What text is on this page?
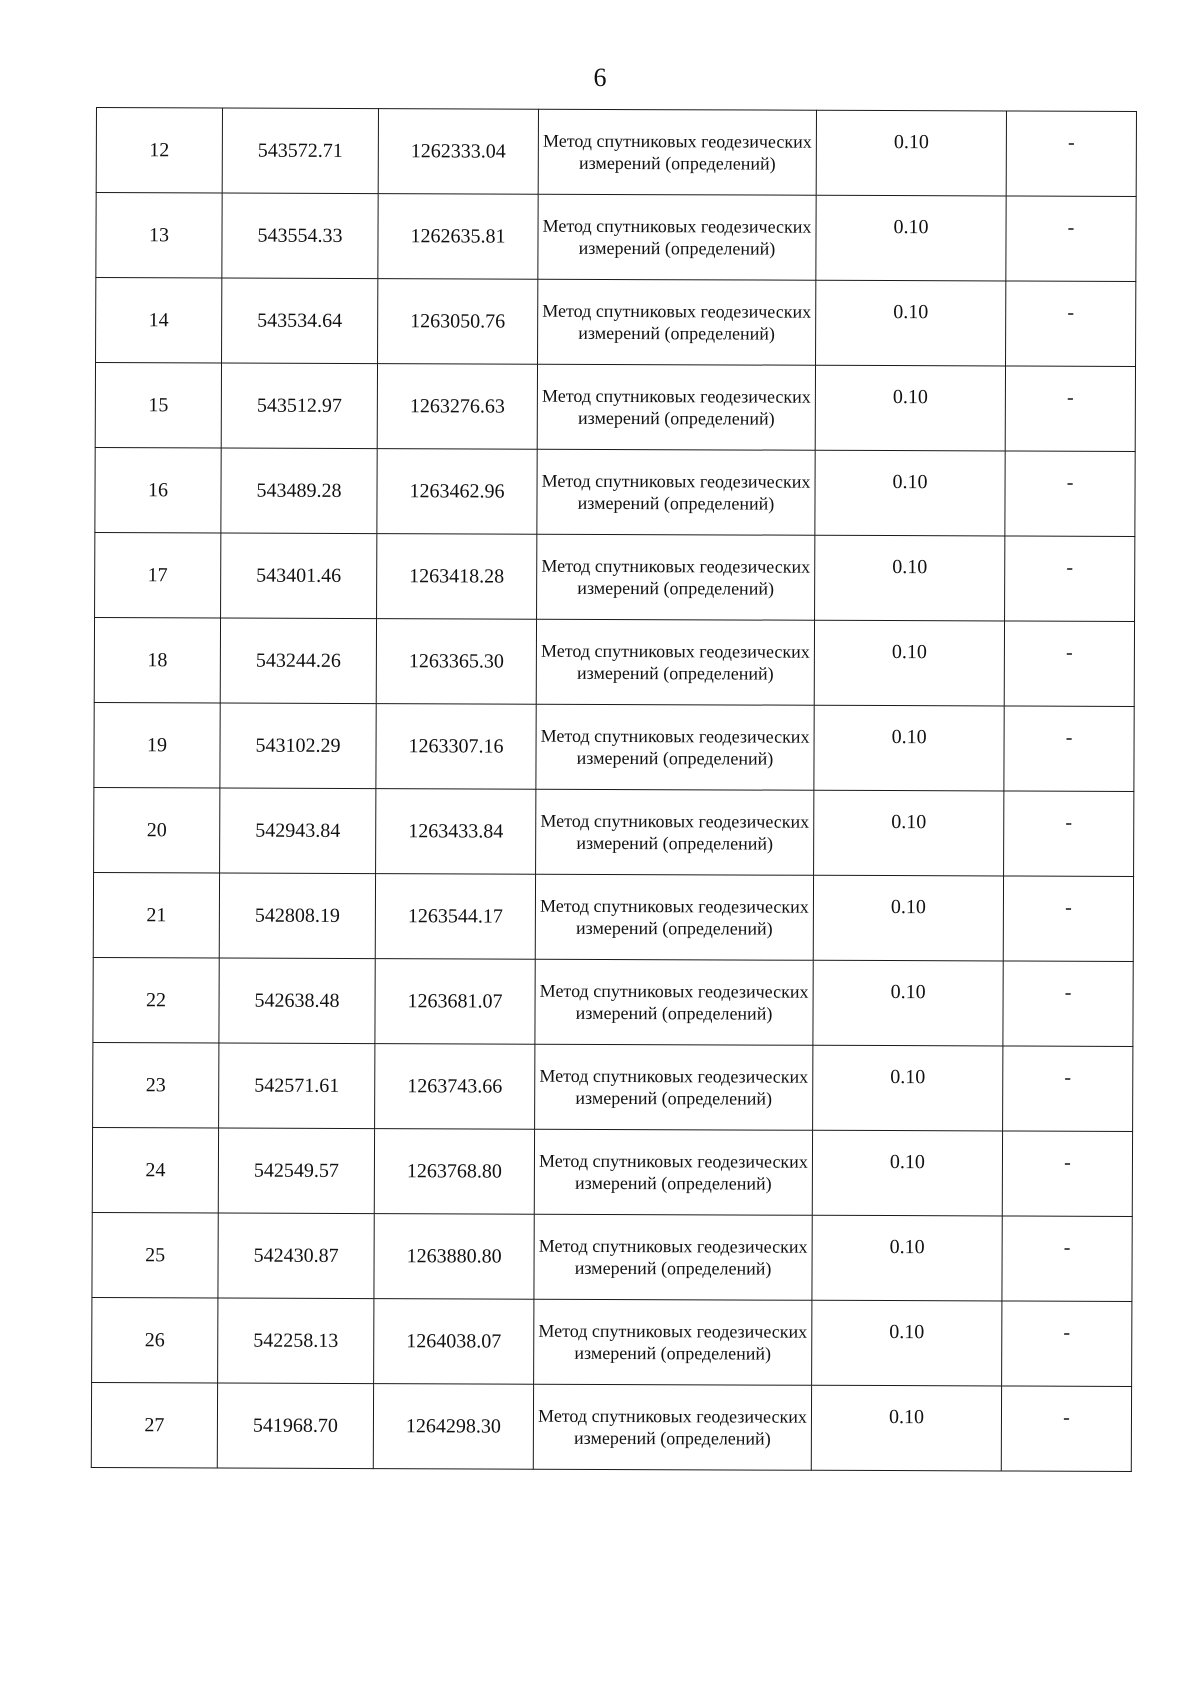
6
12	543572.71	1262333.04	Метод спутниковых геодезических измерений (определений)	0.10	-
13	543554.33	1262635.81	Метод спутниковых геодезических измерений (определений)	0.10	-
14	543534.64	1263050.76	Метод спутниковых геодезических измерений (определений)	0.10	-
15	543512.97	1263276.63	Метод спутниковых геодезических измерений (определений)	0.10	-
16	543489.28	1263462.96	Метод спутниковых геодезических измерений (определений)	0.10	-
17	543401.46	1263418.28	Метод спутниковых геодезических измерений (определений)	0.10	-
18	543244.26	1263365.30	Метод спутниковых геодезических измерений (определений)	0.10	-
19	543102.29	1263307.16	Метод спутниковых геодезических измерений (определений)	0.10	-
20	542943.84	1263433.84	Метод спутниковых геодезических измерений (определений)	0.10	-
21	542808.19	1263544.17	Метод спутниковых геодезических измерений (определений)	0.10	-
22	542638.48	1263681.07	Метод спутниковых геодезических измерений (определений)	0.10	-
23	542571.61	1263743.66	Метод спутниковых геодезических измерений (определений)	0.10	-
24	542549.57	1263768.80	Метод спутниковых геодезических измерений (определений)	0.10	-
25	542430.87	1263880.80	Метод спутниковых геодезических измерений (определений)	0.10	-
26	542258.13	1264038.07	Метод спутниковых геодезических измерений (определений)	0.10	-
27	541968.70	1264298.30	Метод спутниковых геодезических измерений (определений)	0.10	-
